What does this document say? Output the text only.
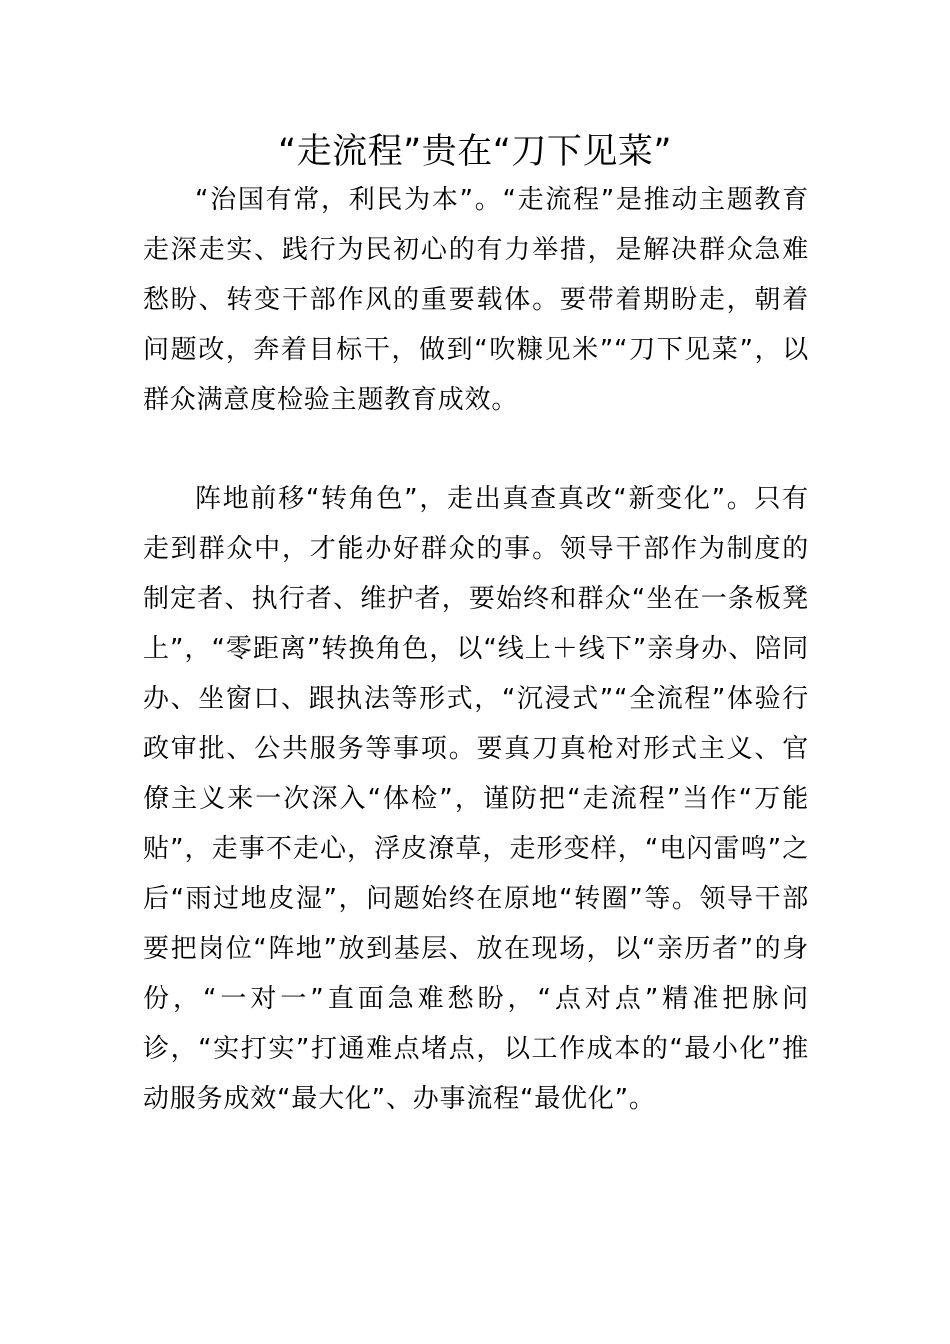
“走流程”贵在“刀下见菜”

“治国有常，利民为本”。“走流程”是推动主题教育走深走实、践行为民初心的有力举措，是解决群众急难愁盼、转变干部作风的重要载体。要带着期盼走，朝着问题改，奔着目标干，做到“吹糠见米”“刀下见菜”，以群众满意度检验主题教育成效。

阵地前移“转角色”，走出真查真改“新变化”。只有走到群众中，才能办好群众的事。领导干部作为制度的制定者、执行者、维护者，要始终和群众“坐在一条板凳上”，“零距离”转换角色，以“线上＋线下”亲身办、陪同办、坐窗口、跟执法等形式，“沉浸式”“全流程”体验行政审批、公共服务等事项。要真刀真枪对形式主义、官僚主义来一次深入“体检”，谨防把“走流程”当作“万能贴”，走事不走心，浮皮潦草，走形变样，“电闪雷鸣”之后“雨过地皮湿”，问题始终在原地“转圈”等。领导干部要把岗位“阵地”放到基层、放在现场，以“亲历者”的身份，“一对一”直面急难愁盼，“点对点”精准把脉问诊，“实打实”打通难点堵点，以工作成本的“最小化”推动服务成效“最大化”、办事流程“最优化”。
